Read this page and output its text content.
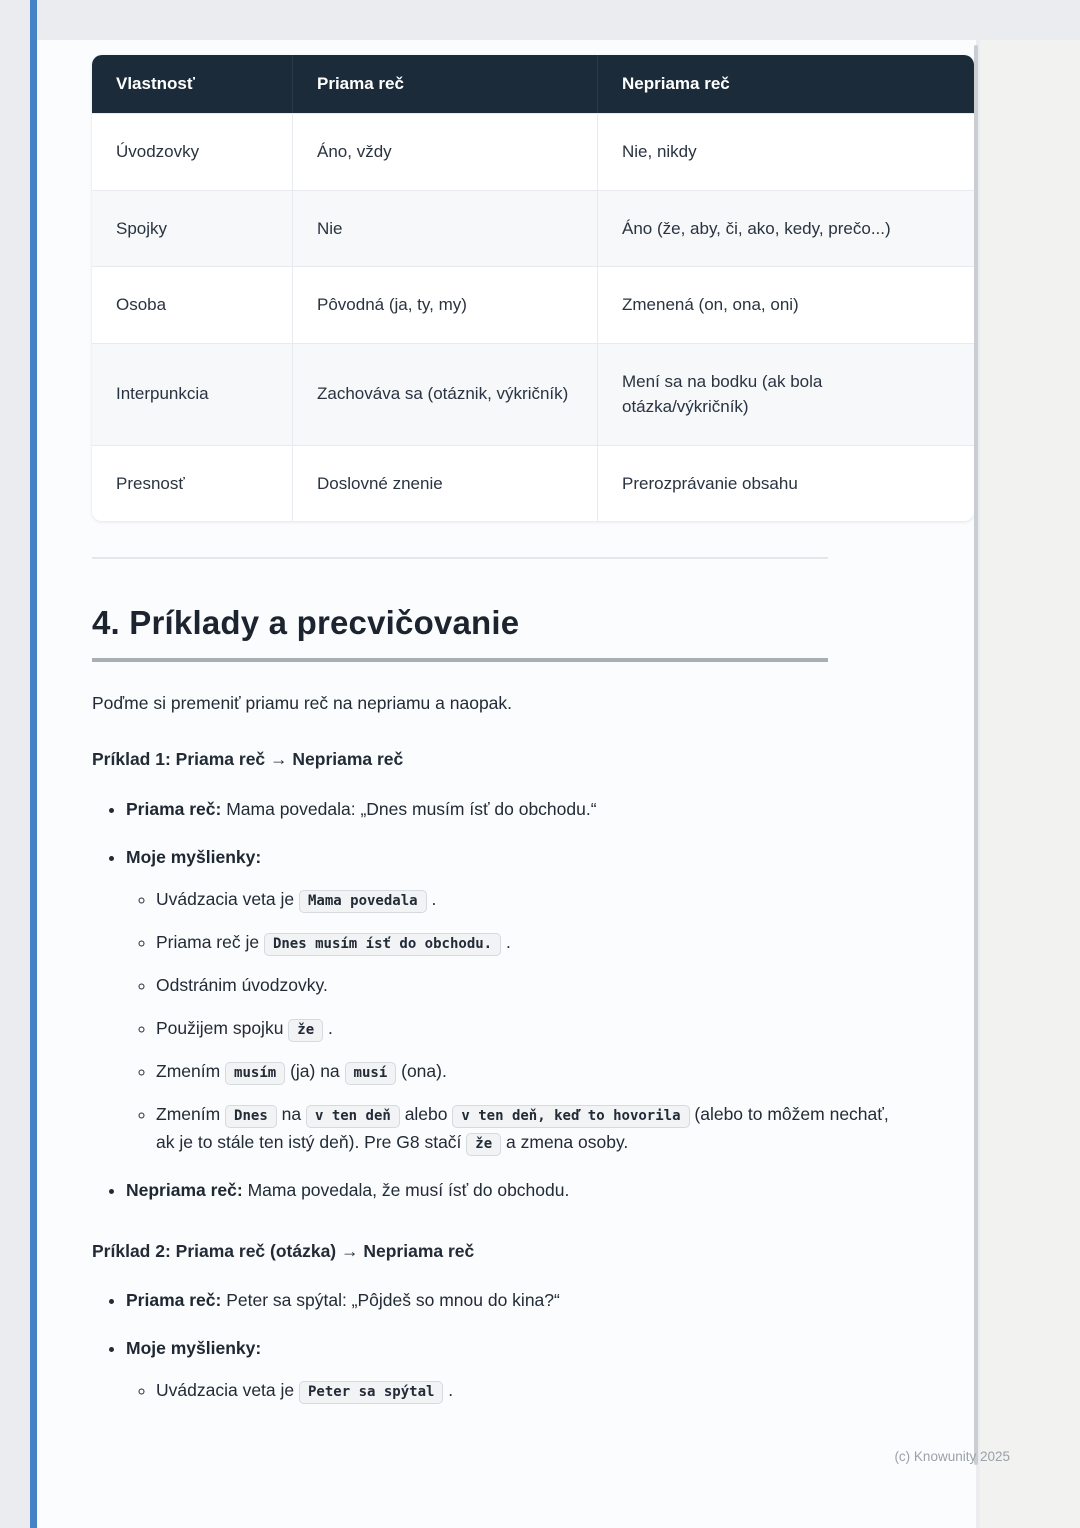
Vlastnosť	Priama reč	Nepriama reč
Úvodzovky	Áno, vždy	Nie, nikdy
Spojky	Nie	Áno (že, aby, či, ako, kedy, prečo...)
Osoba	Pôvodná (ja, ty, my)	Zmenená (on, ona, oni)
Interpunkcia	Zachováva sa (otáznik, výkričník)	Mení sa na bodku (ak bola otázka/výkričník)
Presnosť	Doslovné znenie	Prerozprávanie obsahu
4. Príklady a precvičovanie

Poďme si premeniť priamu reč na nepriamu a naopak.

Príklad 1: Priama reč → Nepriama reč

• Priama reč: Mama povedala: „Dnes musím ísť do obchodu.“
• Moje myšlienky:
◦ Uvádzacia veta je Mama povedala .
◦ Priama reč je Dnes musím ísť do obchodu. .
◦ Odstránim úvodzovky.
◦ Použijem spojku že .
◦ Zmením musím (ja) na musí (ona).
◦ Zmením Dnes na v ten deň alebo v ten deň, keď to hovorila (alebo to môžem nechať, ak je to stále ten istý deň). Pre G8 stačí že a zmena osoby.
• Nepriama reč: Mama povedala, že musí ísť do obchodu.

Príklad 2: Priama reč (otázka) → Nepriama reč

• Priama reč: Peter sa spýtal: „Pôjdeš so mnou do kina?“
• Moje myšlienky:
◦ Uvádzacia veta je Peter sa spýtal .
(c) Knowunity 2025
